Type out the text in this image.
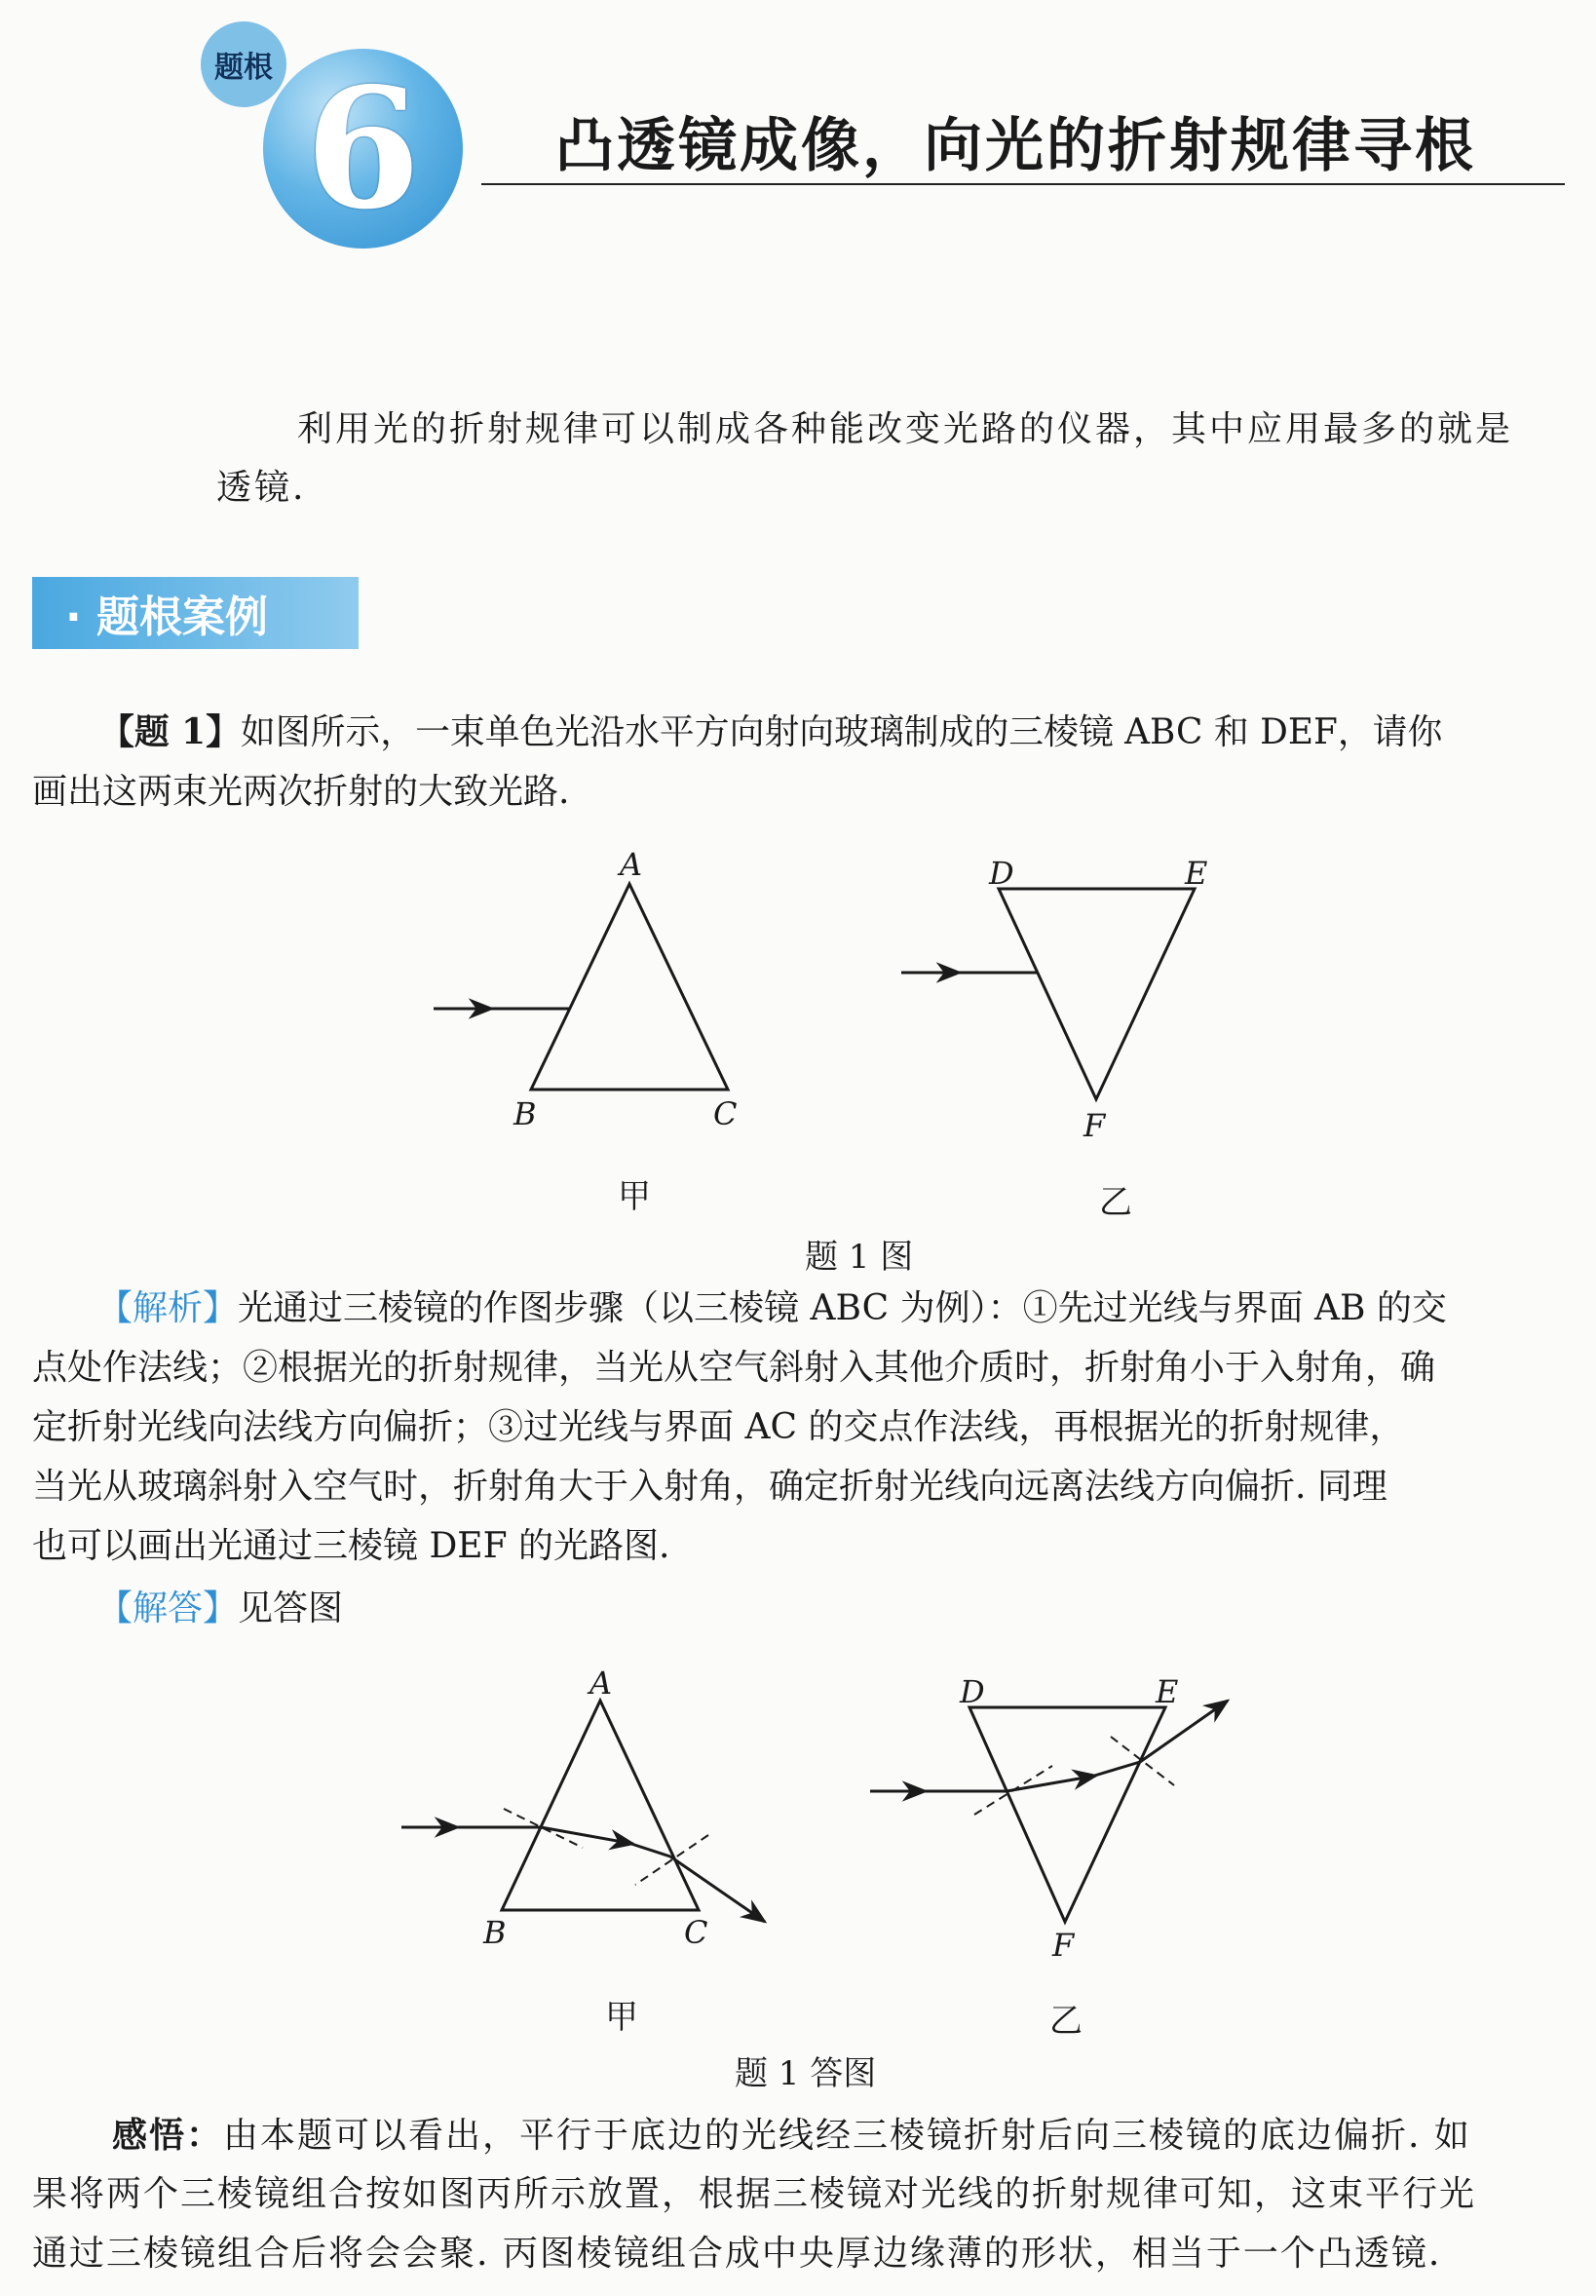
6
题根
凸透镜成像，向光的折射规律寻根
利用光的折射规律可以制成各种能改变光路的仪器，其中应用最多的就是
透镜.
· 题根案例
【题 1】如图所示，一束单色光沿水平方向射向玻璃制成的三棱镜 ABC 和 DEF，请你
画出这两束光两次折射的大致光路.
A
B	C
D	E
F
甲	乙
题 1 图
【解析】光通过三棱镜的作图步骤（以三棱镜 ABC 为例）：①先过光线与界面 AB 的交
点处作法线；②根据光的折射规律，当光从空气斜射入其他介质时，折射角小于入射角，确
定折射光线向法线方向偏折；③过光线与界面 AC 的交点作法线，再根据光的折射规律，
当光从玻璃斜射入空气时，折射角大于入射角，确定折射光线向远离法线方向偏折. 同理
也可以画出光通过三棱镜 DEF 的光路图.
【解答】见答图
A
B	C
D	E
F
甲	乙
题 1 答图
感悟：由本题可以看出，平行于底边的光线经三棱镜折射后向三棱镜的底边偏折. 如
果将两个三棱镜组合按如图丙所示放置，根据三棱镜对光线的折射规律可知，这束平行光
通过三棱镜组合后将会会聚. 丙图棱镜组合成中央厚边缘薄的形状，相当于一个凸透镜.
